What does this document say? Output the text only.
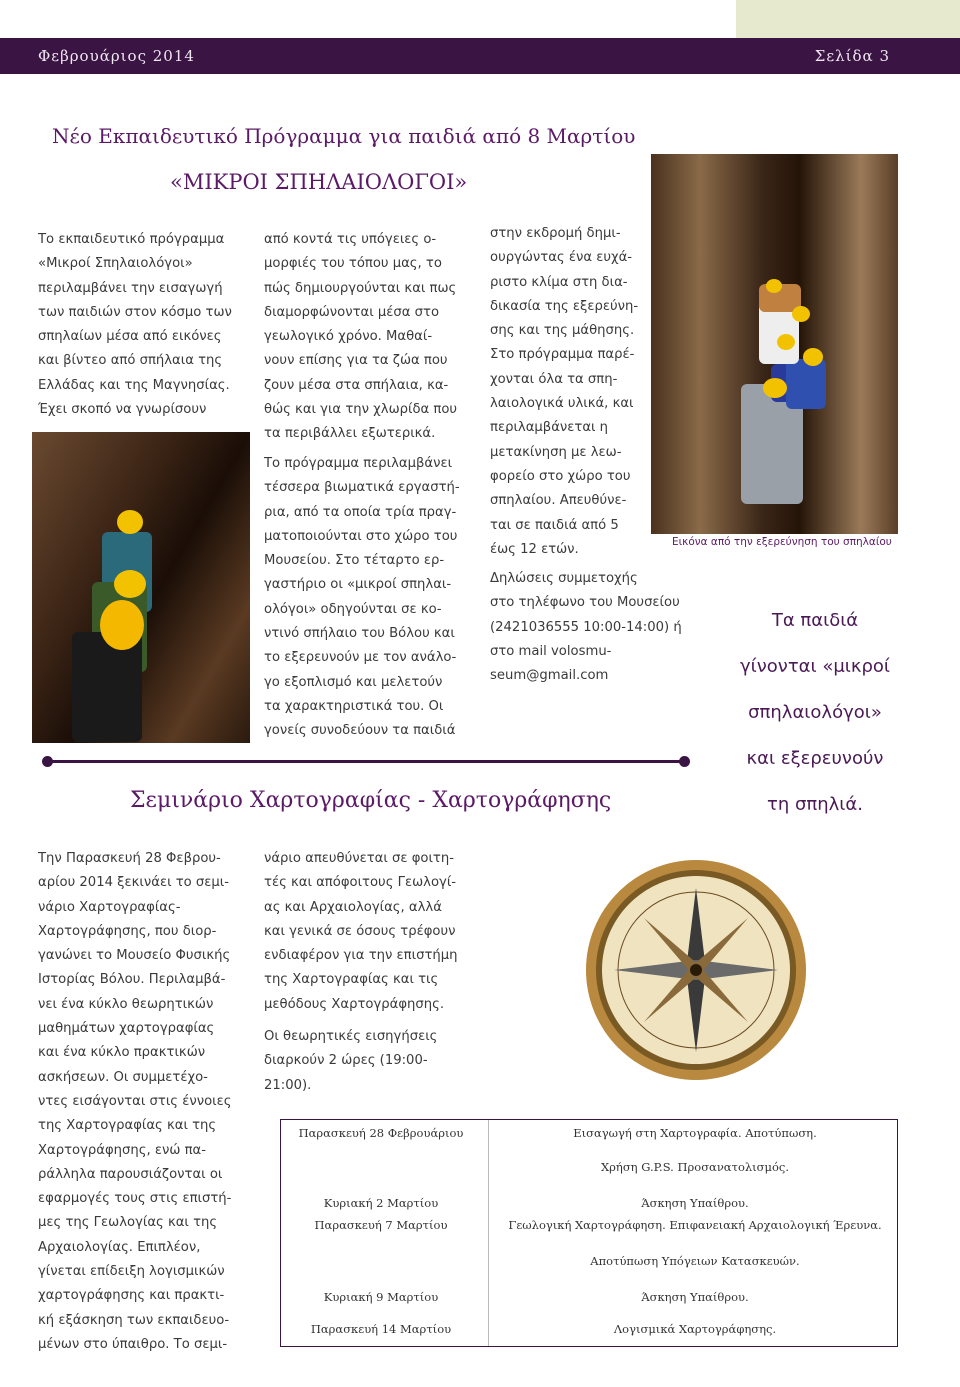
Φεβρουάριος 2014	Σελίδα 3
Νέο Εκπαιδευτικό Πρόγραμμα για παιδιά από 8 Μαρτίου
«ΜΙΚΡΟΙ ΣΠΗΛΑΙΟΛΟΓΟΙ»

Το εκπαιδευτικό πρόγραμμα

«Μικροί Σπηλαιολόγοι»

περιλαμβάνει την εισαγωγή

των παιδιών στον κόσμο των

σπηλαίων μέσα από εικόνες

και βίντεο από σπήλαια της

Ελλάδας και της Μαγνησίας.

Έχει σκοπό να γνωρίσουν

από κοντά τις υπόγειες ο-

μορφιές του τόπου μας, το

πώς δημιουργούνται και πως

διαμορφώνονται μέσα στο

γεωλογικό χρόνο. Μαθαί-

νουν επίσης για τα ζώα που

ζουν μέσα στα σπήλαια, κα-

θώς και για την χλωρίδα που

τα περιβάλλει εξωτερικά.

Το πρόγραμμα περιλαμβάνει

τέσσερα βιωματικά εργαστή-

ρια, από τα οποία τρία πραγ-

ματοποιούνται στο χώρο του

Μουσείου. Στο τέταρτο ερ-

γαστήριο οι «μικροί σπηλαι-

ολόγοι» οδηγούνται σε κο-

ντινό σπήλαιο του Βόλου και

το εξερευνούν με τον ανάλο-

γο εξοπλισμό και μελετούν

τα χαρακτηριστικά του. Οι

γονείς συνοδεύουν τα παιδιά

στην εκδρομή δημι-

ουργώντας ένα ευχά-

ριστο κλίμα στη δια-

δικασία της εξερεύνη-

σης και της μάθησης.

Στο πρόγραμμα παρέ-

χονται όλα τα σπη-

λαιολογικά υλικά, και

περιλαμβάνεται η

μετακίνηση με λεω-

φορείο στο χώρο του

σπηλαίου. Απευθύνε-

ται σε παιδιά από 5

έως 12 ετών.

Δηλώσεις συμμετοχής

στο τηλέφωνο του Μουσείου

(2421036555 10:00-14:00) ή

στο mail volosmu-

seum@gmail.com

Εικόνα από την εξερεύνηση του σπηλαίου
Τα παιδιά
γίνονται «μικροί
σπηλαιολόγοι»
και εξερευνούν
τη σπηλιά.
Σεμινάριο Χαρτογραφίας - Χαρτογράφησης

Την Παρασκευή 28 Φεβρου-

αρίου 2014 ξεκινάει το σεμι-

νάριο Χαρτογραφίας-

Χαρτογράφησης, που διορ-

γανώνει το Μουσείο Φυσικής

Ιστορίας Βόλου. Περιλαμβά-

νει ένα κύκλο θεωρητικών

μαθημάτων χαρτογραφίας

και ένα κύκλο πρακτικών

ασκήσεων. Οι συμμετέχο-

ντες εισάγονται στις έννοιες

της Χαρτογραφίας και της

Χαρτογράφησης, ενώ πα-

ράλληλα παρουσιάζονται οι

εφαρμογές τους στις επιστή-

μες της Γεωλογίας και της

Αρχαιολογίας. Επιπλέον,

γίνεται επίδειξη λογισμικών

χαρτογράφησης και πρακτι-

κή εξάσκηση των εκπαιδευο-

μένων στο ύπαιθρο. Το σεμι-

νάριο απευθύνεται σε φοιτη-

τές και απόφοιτους Γεωλογί-

ας και Αρχαιολογίας, αλλά

και γενικά σε όσους τρέφουν

ενδιαφέρον για την επιστήμη

της Χαρτογραφίας και τις

μεθόδους Χαρτογράφησης.

Οι θεωρητικές εισηγήσεις

διαρκούν 2 ώρες (19:00-

21:00).

Παρασκευή 28 Φεβρουάριου	Εισαγωγή στη Χαρτογραφία. Αποτύπωση.
Χρήση G.P.S. Προσανατολισμός.
Κυριακή 2 Μαρτίου	Άσκηση Υπαίθρου.
Παρασκευή 7 Μαρτίου	Γεωλογική Χαρτογράφηση. Επιφανειακή Αρχαιολογική Έρευνα.
Αποτύπωση Υπόγειων Κατασκευών.
Κυριακή 9 Μαρτίου	Άσκηση Υπαίθρου.
Παρασκευή 14 Μαρτίου	Λογισμικά Χαρτογράφησης.
